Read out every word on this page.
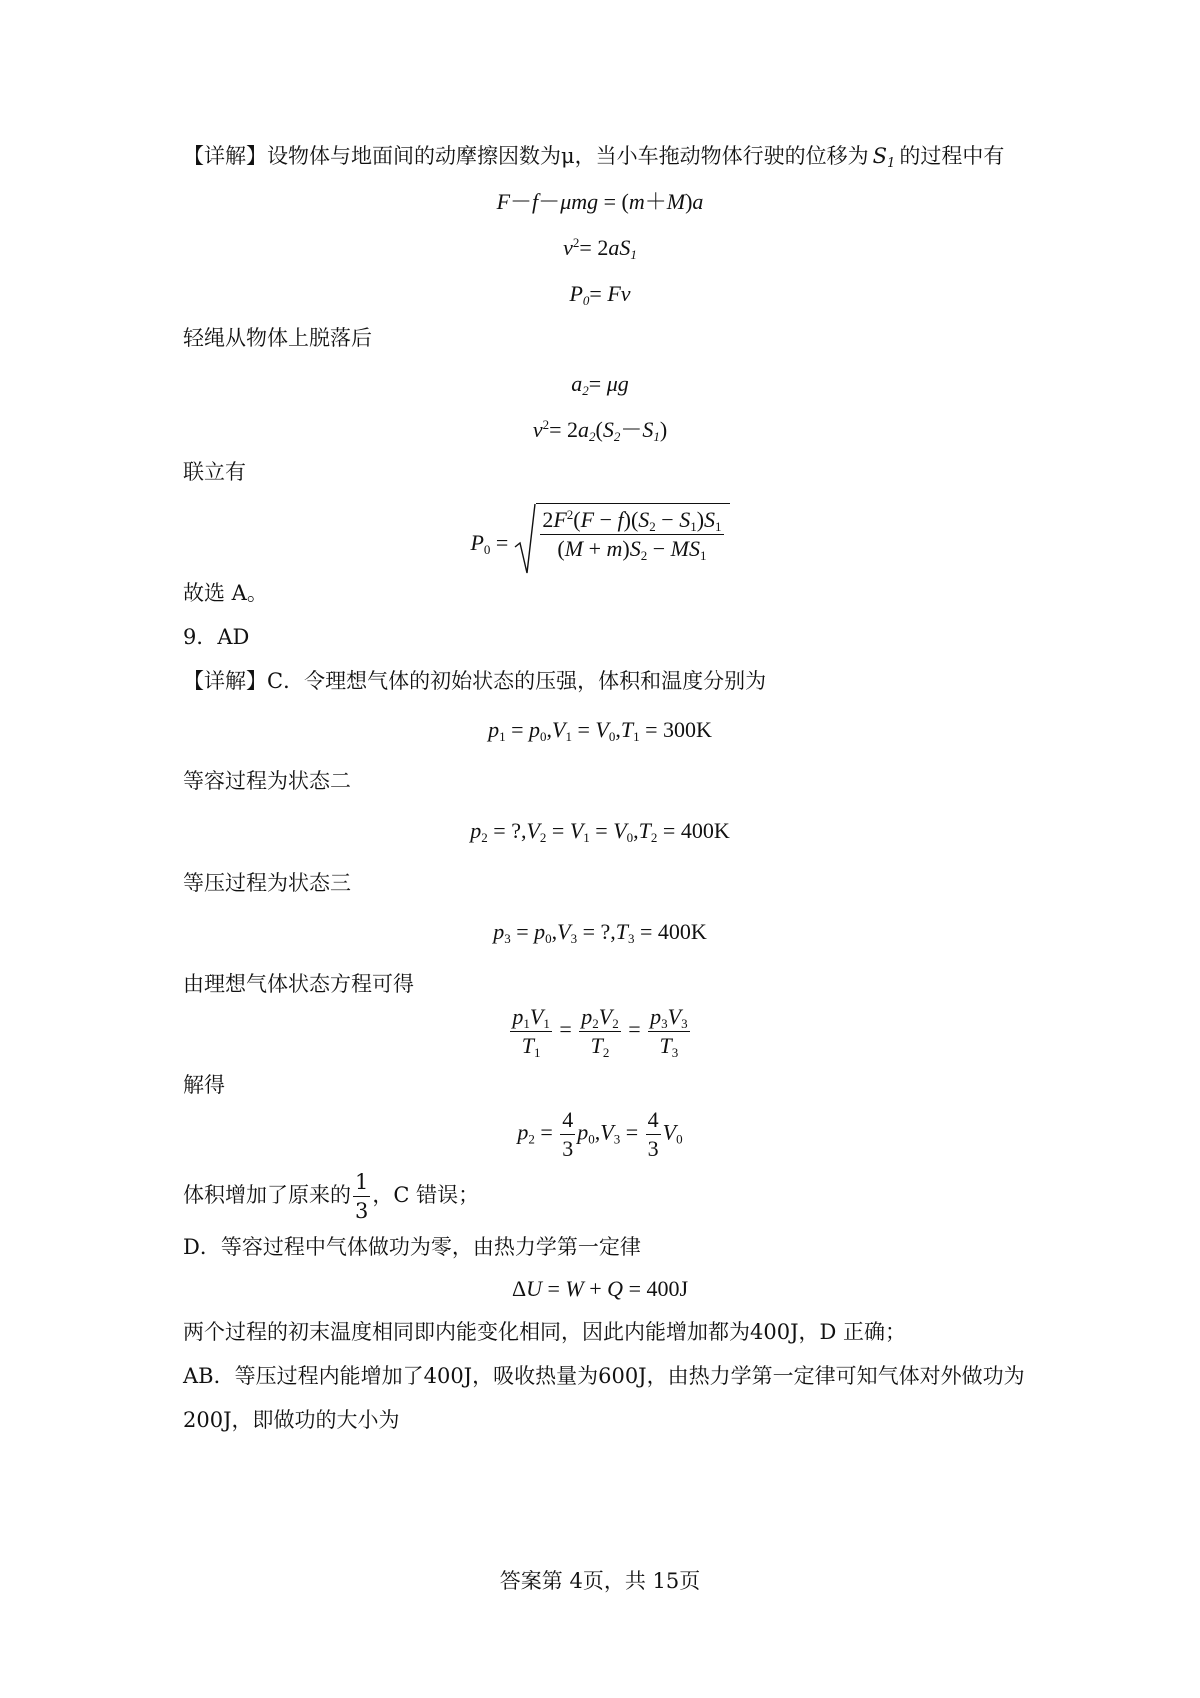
【详解】设物体与地面间的动摩擦因数为μ，当小车拖动物体行驶的位移为 $S_1$ 的过程中有
F－f－μmg = (m＋M)a
$v^2= 2aS_1$
$P_0= Fv$
轻绳从物体上脱落后
$a_2= \mu g$
$v^2= 2a_2(S_2-S_1)$
联立有
$P_0 = \frac{2F^2(F - f)(S_2 - S_1)S_1}{(M + m)S_2 - MS_1}$
故选 A。
9．AD
【详解】C．令理想气体的初始状态的压强，体积和温度分别为
$p_1 = p_0,V_1 = V_0,T_1 = 300K$
等容过程为状态二
$p_2$ = $?,V_2 = V_1 = V_0,T_2 = 400K$
等压过程为状态三
$p_3 = p_0,V_3$ = $?,T_3 = 400K$
由理想气体状态方程可得
$\frac{p_1V_1}{T_1} = \frac{p_2V_2}{T_2} = \frac{p_3V_3}{T_3}$
解得
$p_2 = \frac{4}{3} p_0,V_3 = \frac{4}{3} V_0$
体积增加了原来的 $\frac{1}{3}$ ，C 错误；
D．等容过程中气体做功为零，由热力学第一定律
ΔU = W + Q = 400J
两个过程的初末温度相同即内能变化相同，因此内能增加都为400J，D 正确；
AB．等压过程内能增加了400J，吸收热量为600J，由热力学第一定律可知气体对外做功为
200J，即做功的大小为
答案第 4页，共 15页
